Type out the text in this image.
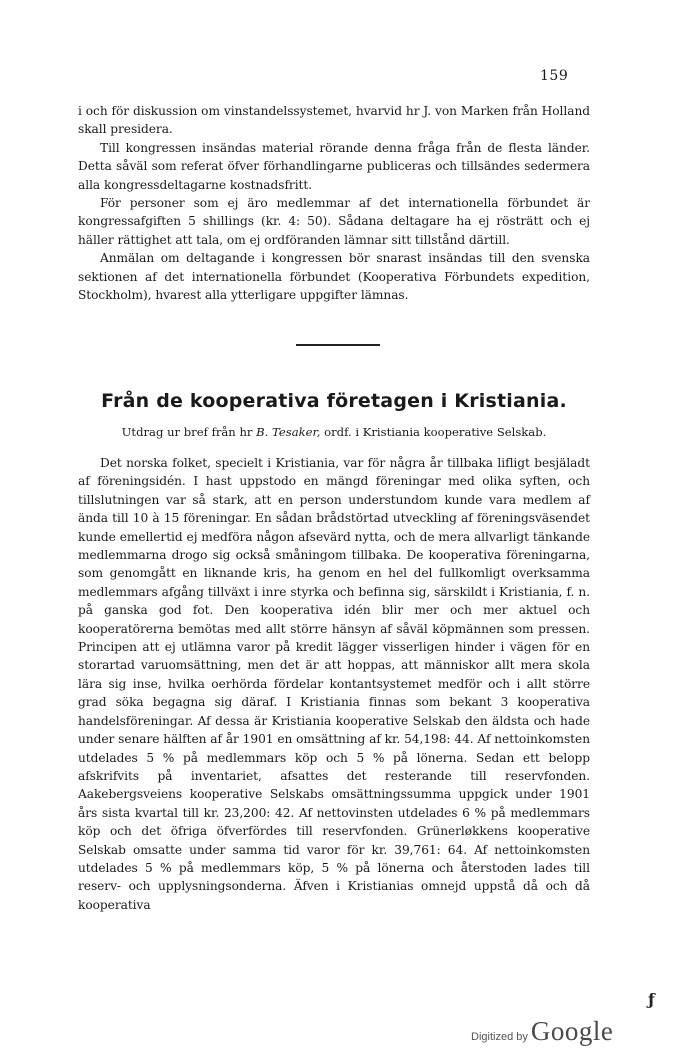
159

i och för diskussion om vinstandelssystemet, hvarvid hr J. von Marken från Holland skall presidera.

Till kongressen insändas material rörande denna fråga från de flesta länder. Detta såväl som referat öfver förhandlingarne publiceras och tillsändes sedermera alla kongressdeltagarne kostnadsfritt.

För personer som ej äro medlemmar af det internationella förbundet är kongressafgiften 5 shillings (kr. 4: 50). Sådana deltagare ha ej rösträtt och ej häller rättighet att tala, om ej ordföranden lämnar sitt tillstånd därtill.

Anmälan om deltagande i kongressen bör snarast insändas till den svenska sektionen af det internationella förbundet (Kooperativa Förbundets expedition, Stockholm), hvarest alla ytterligare uppgifter lämnas.

Från de kooperativa företagen i Kristiania.
Utdrag ur bref från hr B. Tesaker, ordf. i Kristiania kooperative Selskab.

Det norska folket, specielt i Kristiania, var för några år tillbaka lifligt besjäladt af föreningsidén. I hast uppstodo en mängd föreningar med olika syften, och tillslutningen var så stark, att en person understundom kunde vara medlem af ända till 10 à 15 föreningar. En sådan brådstörtad utveckling af föreningsväsendet kunde emellertid ej medföra någon afsevärd nytta, och de mera allvarligt tänkande medlemmarna drogo sig också småningom tillbaka. De kooperativa föreningarna, som genomgått en liknande kris, ha genom en hel del fullkomligt overksamma medlemmars afgång tillväxt i inre styrka och befinna sig, särskildt i Kristiania, f. n. på ganska god fot. Den kooperativa idén blir mer och mer aktuel och kooperatörerna bemötas med allt större hänsyn af såväl köpmännen som pressen. Principen att ej utlämna varor på kredit lägger visserligen hinder i vägen för en storartad varuomsättning, men det är att hoppas, att människor allt mera skola lära sig inse, hvilka oerhörda fördelar kontantsystemet medför och i allt större grad söka begagna sig däraf. I Kristiania finnas som bekant 3 kooperativa handelsföreningar. Af dessa är Kristiania kooperative Selskab den äldsta och hade under senare hälften af år 1901 en omsättning af kr. 54,198: 44. Af nettoinkomsten utdelades 5 % på medlemmars köp och 5 % på lönerna. Sedan ett belopp afskrifvits på inventariet, afsattes det resterande till reservfonden. Aakebergsveiens kooperative Selskabs omsättningssumma uppgick under 1901 års sista kvartal till kr. 23,200: 42. Af nettovinsten utdelades 6 % på medlemmars köp och det öfriga öfverfördes till reservfonden. Grünerløkkens kooperative Selskab omsatte under samma tid varor för kr. 39,761: 64. Af nettoinkomsten utdelades 5 % på medlemmars köp, 5 % på lönerna och återstoden lades till reserv- och upplysningsonderna. Äfven i Kristianias omnejd uppstå då och då kooperativa

ƒ
Digitized by Google
